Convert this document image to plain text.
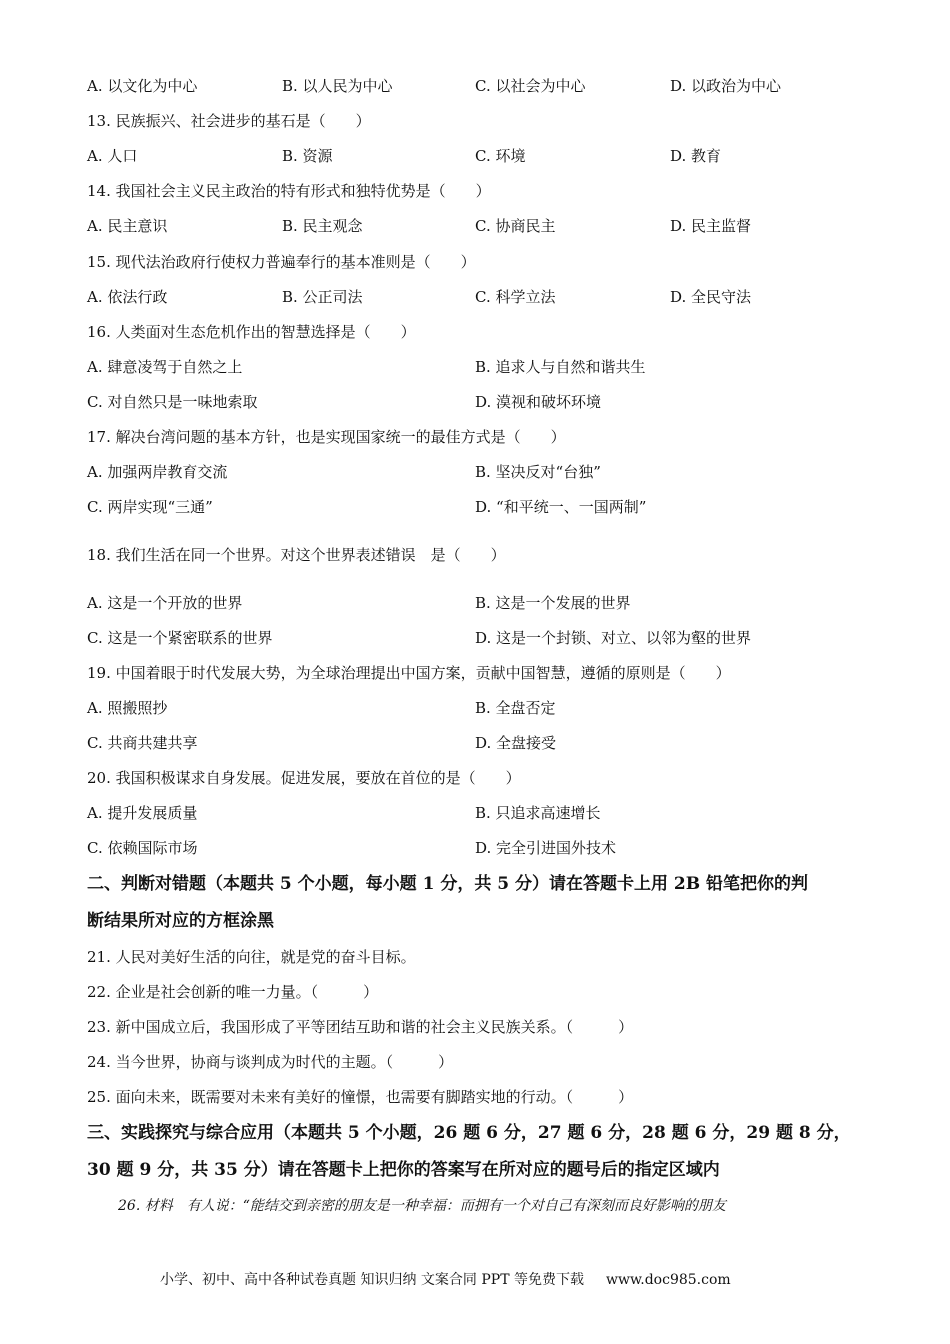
A. 以文化为中心	B. 以人民为中心	C. 以社会为中心	D. 以政治为中心
13. 民族振兴、社会进步的基石是（　　）
A. 人口	B. 资源	C. 环境	D. 教育
14. 我国社会主义民主政治的特有形式和独特优势是（　　）
A. 民主意识	B. 民主观念	C. 协商民主	D. 民主监督
15. 现代法治政府行使权力普遍奉行的基本准则是（　　）
A. 依法行政	B. 公正司法	C. 科学立法	D. 全民守法
16. 人类面对生态危机作出的智慧选择是（　　）
A. 肆意凌驾于自然之上	B. 追求人与自然和谐共生
C. 对自然只是一味地索取	D. 漠视和破坏环境
17. 解决台湾问题的基本方针，也是实现国家统一的最佳方式是（　　）
A. 加强两岸教育交流	B. 坚决反对“台独”
C. 两岸实现“三通”	D. “和平统一、一国两制”
18. 我们生活在同一个世界。对这个世界表述错误　是（　　）
A. 这是一个开放的世界	B. 这是一个发展的世界
C. 这是一个紧密联系的世界	D. 这是一个封锁、对立、以邻为壑的世界
19. 中国着眼于时代发展大势，为全球治理提出中国方案，贡献中国智慧，遵循的原则是（　　）
A. 照搬照抄	B. 全盘否定
C. 共商共建共享	D. 全盘接受
20. 我国积极谋求自身发展。促进发展，要放在首位的是（　　）
A. 提升发展质量	B. 只追求高速增长
C. 依赖国际市场	D. 完全引进国外技术
二、判断对错题（本题共 5 个小题，每小题 1 分，共 5 分）请在答题卡上用 2B 铅笔把你的判
断结果所对应的方框涂黑
21. 人民对美好生活的向往，就是党的奋斗目标。
22. 企业是社会创新的唯一力量。（　　　）
23. 新中国成立后，我国形成了平等团结互助和谐的社会主义民族关系。（　　　）
24. 当今世界，协商与谈判成为时代的主题。（　　　）
25. 面向未来，既需要对未来有美好的憧憬，也需要有脚踏实地的行动。（　　　）
三、实践探究与综合应用（本题共 5 个小题，26 题 6 分，27 题 6 分，28 题 6 分，29 题 8 分，
30 题 9 分，共 35 分）请在答题卡上把你的答案写在所对应的题号后的指定区域内
26. 材料　有人说：“能结交到亲密的朋友是一种幸福：而拥有一个对自己有深刻而良好影响的朋友
小学、初中、高中各种试卷真题 知识归纳 文案合同 PPT 等免费下载 www.doc985.com
